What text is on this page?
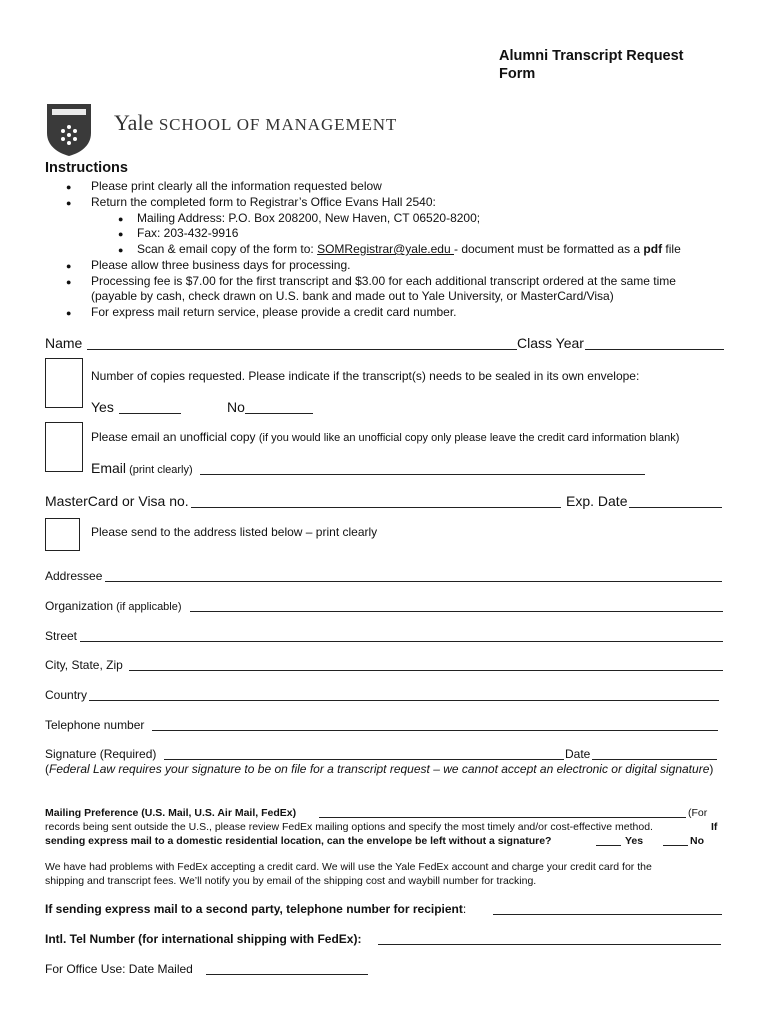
Alumni Transcript Request
Form
Yale SCHOOL OF MANAGEMENT
Instructions
● Please print clearly all the information requested below
● Return the completed form to Registrar’s Office Evans Hall 2540:
● Mailing Address: P.O. Box 208200, New Haven, CT 06520-8200;
● Fax: 203-432-9916
● Scan & email copy of the form to: SOMRegistrar@yale.edu - document must be formatted as a pdf file
● Please allow three business days for processing.
● Processing fee is $7.00 for the first transcript and $3.00 for each additional transcript ordered at the same time
(payable by cash, check drawn on U.S. bank and made out to Yale University, or MasterCard/Visa)
● For express mail return service, please provide a credit card number.
Name	Class Year
Number of copies requested. Please indicate if the transcript(s) needs to be sealed in its own envelope:
Yes	No
Please email an unofficial copy (if you would like an unofficial copy only please leave the credit card information blank)
Email (print clearly)
MasterCard or Visa no.	Exp. Date
Please send to the address listed below – print clearly
Addressee
Organization (if applicable)
Street
City, State, Zip
Country
Telephone number
Signature (Required)	Date
(Federal Law requires your signature to be on file for a transcript request – we cannot accept an electronic or digital signature)
Mailing Preference (U.S. Mail, U.S. Air Mail, FedEx)	(For
records being sent outside the U.S., please review FedEx mailing options and specify the most timely and/or cost-effective method.	If
sending express mail to a domestic residential location, can the envelope be left without a signature?	Yes	No
We have had problems with FedEx accepting a credit card. We will use the Yale FedEx account and charge your credit card for the
shipping and transcript fees. We’ll notify you by email of the shipping cost and waybill number for tracking.
If sending express mail to a second party, telephone number for recipient:
Intl. Tel Number (for international shipping with FedEx):
For Office Use: Date Mailed
